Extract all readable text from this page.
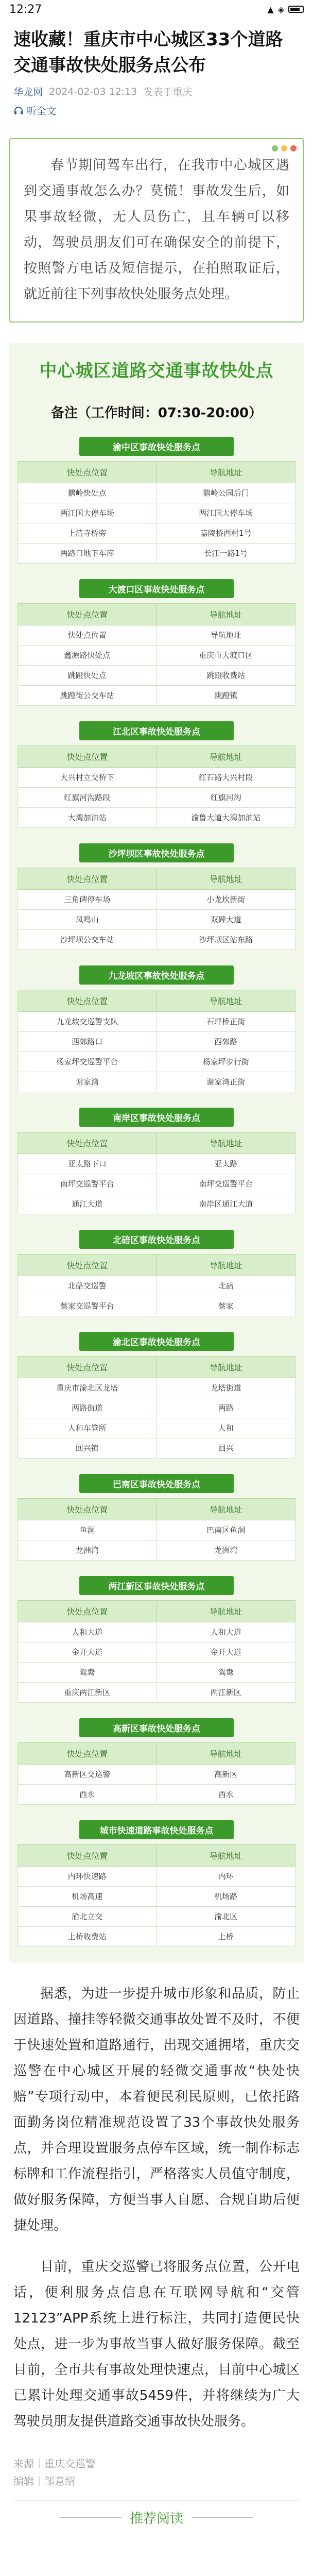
12:27	▲ ◈
速收藏！重庆市中心城区33个道路交通事故快处服务点公布
华龙网 2024-02-03 12:13 发表于重庆
听全文

春节期间驾车出行，在我市中心城区遇到交通事故怎么办？莫慌！事故发生后，如果事故轻微，无人员伤亡，且车辆可以移动，驾驶员朋友们可在确保安全的前提下，按照警方电话及短信提示，在拍照取证后，就近前往下列事故快处服务点处理。

中心城区道路交通事故快处点
备注（工作时间：07:30-20:00）
渝中区事故快处服务点
快处点位置	导航地址
鹅岭快处点	鹅岭公园后门
两江国大停车场	两江国大停车场
上清寺桥旁	嘉陵桥西村1号
两路口地下车库	长江一路1号
大渡口区事故快处服务点
快处点位置	导航地址
快处点位置	导航地址
鑫源路快处点	重庆市大渡口区
跳蹬快处点	跳蹬收费站
跳蹬街公交车站	跳蹬镇
江北区事故快处服务点
快处点位置	导航地址
大兴村立交桥下	红石路大兴村段
红旗河沟路段	红旗河沟
大湾加油站	渝鲁大道大湾加油站
沙坪坝区事故快处服务点
快处点位置	导航地址
三角碑停车场	小龙坎新街
凤鸣山	双碑大道
沙坪坝公交车站	沙坪坝区站东路
九龙坡区事故快处服务点
快处点位置	导航地址
九龙坡交巡警支队	石坪桥正街
西郊路口	西郊路
杨家坪交巡警平台	杨家坪步行街
谢家湾	谢家湾正街
南岸区事故快处服务点
快处点位置	导航地址
亚太路下口	亚太路
南坪交巡警平台	南坪交巡警平台
通江大道	南岸区通江大道
北碚区事故快处服务点
快处点位置	导航地址
北碚交巡警	北碚
蔡家交巡警平台	蔡家
渝北区事故快处服务点
快处点位置	导航地址
重庆市渝北区龙塔	龙塔街道
两路街道	两路
人和车管所	人和
回兴镇	回兴
巴南区事故快处服务点
快处点位置	导航地址
鱼洞	巴南区鱼洞
龙洲湾	龙洲湾
两江新区事故快处服务点
快处点位置	导航地址
人和大道	人和大道
金开大道	金开大道
鸳鸯	鸳鸯
重庆两江新区	两江新区
高新区事故快处服务点
快处点位置	导航地址
高新区交巡警	高新区
西永	西永
城市快速道路事故快处服务点
快处点位置	导航地址
内环快速路	内环
机场高速	机场路
渝北立交	渝北区
上桥收费站	上桥

据悉，为进一步提升城市形象和品质，防止因道路、撞挂等轻微交通事故处置不及时，不便于快速处置和道路通行，出现交通拥堵，重庆交巡警在中心城区开展的轻微交通事故“快处快赔”专项行动中，本着便民利民原则，已依托路面勤务岗位精准规范设置了33个事故快处服务点，并合理设置服务点停车区域，统一制作标志标牌和工作流程指引，严格落实人员值守制度，做好服务保障，方便当事人自愿、合规自助后便捷处理。

目前，重庆交巡警已将服务点位置，公开电话，便利服务点信息在互联网导航和“交管12123”APP系统上进行标注，共同打造便民快处点，进一步为事故当事人做好服务保障。截至目前，全市共有事故处理快速点，目前中心城区已累计处理交通事故5459件，并将继续为广大驾驶员朋友提供道路交通事故快处服务。

来源｜重庆交巡警
编辑｜邹意绍
推荐阅读
